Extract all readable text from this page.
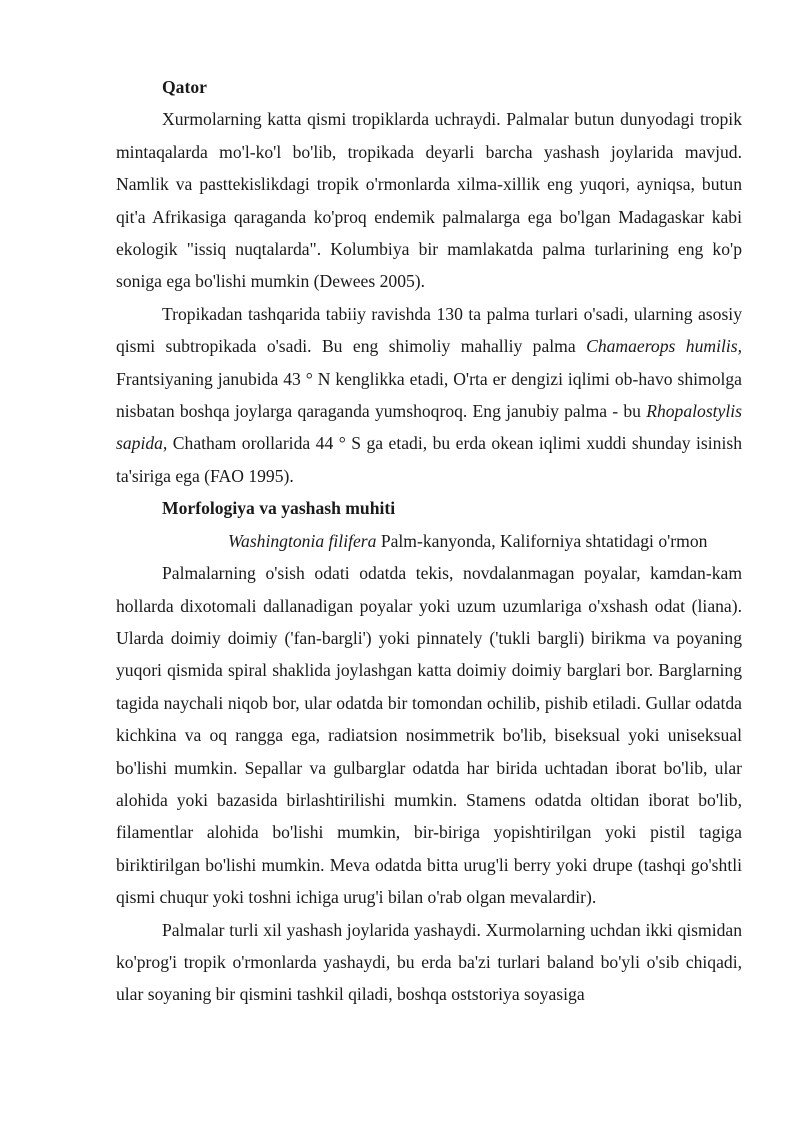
Qator

Xurmolarning katta qismi tropiklarda uchraydi. Palmalar butun dunyodagi tropik mintaqalarda mo'l-ko'l bo'lib, tropikada deyarli barcha yashash joylarida mavjud. Namlik va pasttekislikdagi tropik o'rmonlarda xilma-xillik eng yuqori, ayniqsa, butun qit'a Afrikasiga qaraganda ko'proq endemik palmalarga ega bo'lgan Madagaskar kabi ekologik "issiq nuqtalarda". Kolumbiya bir mamlakatda palma turlarining eng ko'p soniga ega bo'lishi mumkin (Dewees 2005).

Tropikadan tashqarida tabiiy ravishda 130 ta palma turlari o'sadi, ularning asosiy qismi subtropikada o'sadi. Bu eng shimoliy mahalliy palma Chamaerops humilis, Frantsiyaning janubida 43 ° N kenglikka etadi, O'rta er dengizi iqlimi ob-havo shimolga nisbatan boshqa joylarga qaraganda yumshoqroq. Eng janubiy palma - bu Rhopalostylis sapida, Chatham orollarida 44 ° S ga etadi, bu erda okean iqlimi xuddi shunday isinish ta'siriga ega (FAO 1995).

Morfologiya va yashash muhiti
Washingtonia filifera Palm-kanyonda, Kaliforniya shtatidagi o'rmon

Palmalarning o'sish odati odatda tekis, novdalanmagan poyalar, kamdan-kam hollarda dixotomali dallanadigan poyalar yoki uzum uzumlariga o'xshash odat (liana). Ularda doimiy doimiy ('fan-bargli') yoki pinnately ('tukli bargli) birikma va poyaning yuqori qismida spiral shaklida joylashgan katta doimiy doimiy barglari bor. Barglarning tagida naychali niqob bor, ular odatda bir tomondan ochilib, pishib etiladi. Gullar odatda kichkina va oq rangga ega, radiatsion nosimmetrik bo'lib, biseksual yoki uniseksual bo'lishi mumkin. Sepallar va gulbarglar odatda har birida uchtadan iborat bo'lib, ular alohida yoki bazasida birlashtirilishi mumkin. Stamens odatda oltidan iborat bo'lib, filamentlar alohida bo'lishi mumkin, bir-biriga yopishtirilgan yoki pistil tagiga biriktirilgan bo'lishi mumkin. Meva odatda bitta urug'li berry yoki drupe (tashqi go'shtli qismi chuqur yoki toshni ichiga urug'i bilan o'rab olgan mevalardir).

Palmalar turli xil yashash joylarida yashaydi. Xurmolarning uchdan ikki qismidan ko'prog'i tropik o'rmonlarda yashaydi, bu erda ba'zi turlari baland bo'yli o'sib chiqadi, ular soyaning bir qismini tashkil qiladi, boshqa oststoriya soyasiga
